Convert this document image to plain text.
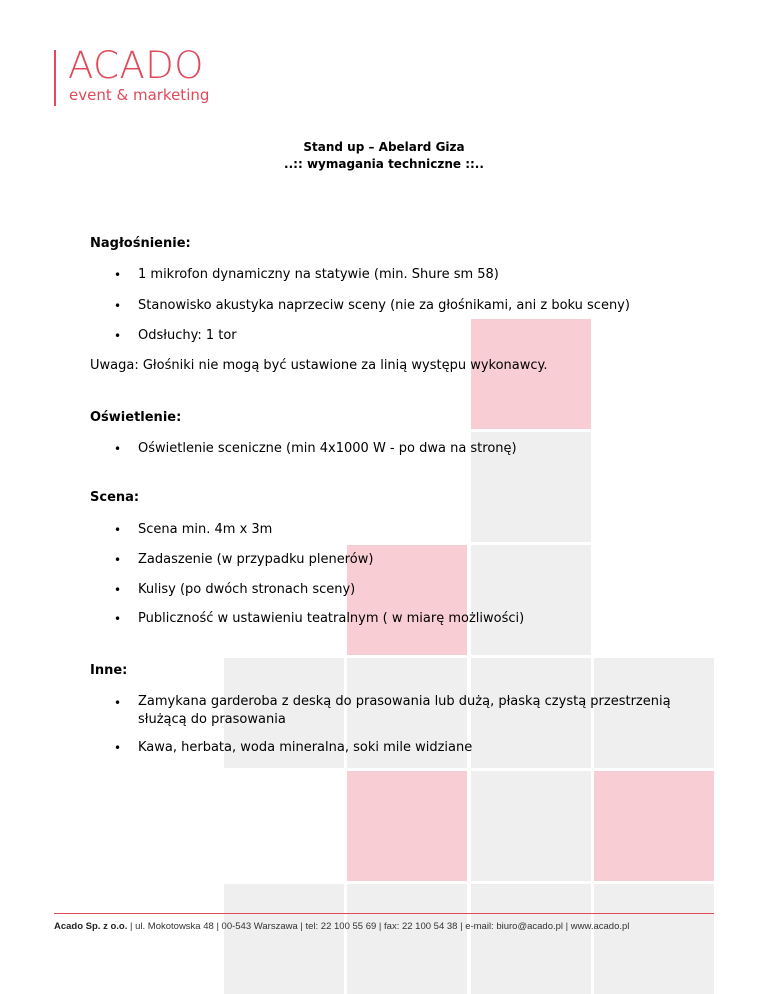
ACADO
event & marketing
Stand up – Abelard Giza
..:: wymagania techniczne ::..
Nagłośnienie:
• 1 mikrofon dynamiczny na statywie (min. Shure sm 58)
• Stanowisko akustyka naprzeciw sceny (nie za głośnikami, ani z boku sceny)
• Odsłuchy: 1 tor
Uwaga: Głośniki nie mogą być ustawione za linią występu wykonawcy.
Oświetlenie:
• Oświetlenie sceniczne (min 4x1000 W - po dwa na stronę)
Scena:
• Scena min. 4m x 3m
• Zadaszenie (w przypadku plenerów)
• Kulisy (po dwóch stronach sceny)
• Publiczność w ustawieniu teatralnym ( w miarę możliwości)
Inne:
• Zamykana garderoba z deską do prasowania lub dużą, płaską czystą przestrzenią służącą do prasowania
• Kawa, herbata, woda mineralna, soki mile widziane
Acado Sp. z o.o. | ul. Mokotowska 48 | 00-543 Warszawa | tel: 22 100 55 69 | fax: 22 100 54 38 | e-mail: biuro@acado.pl | www.acado.pl
